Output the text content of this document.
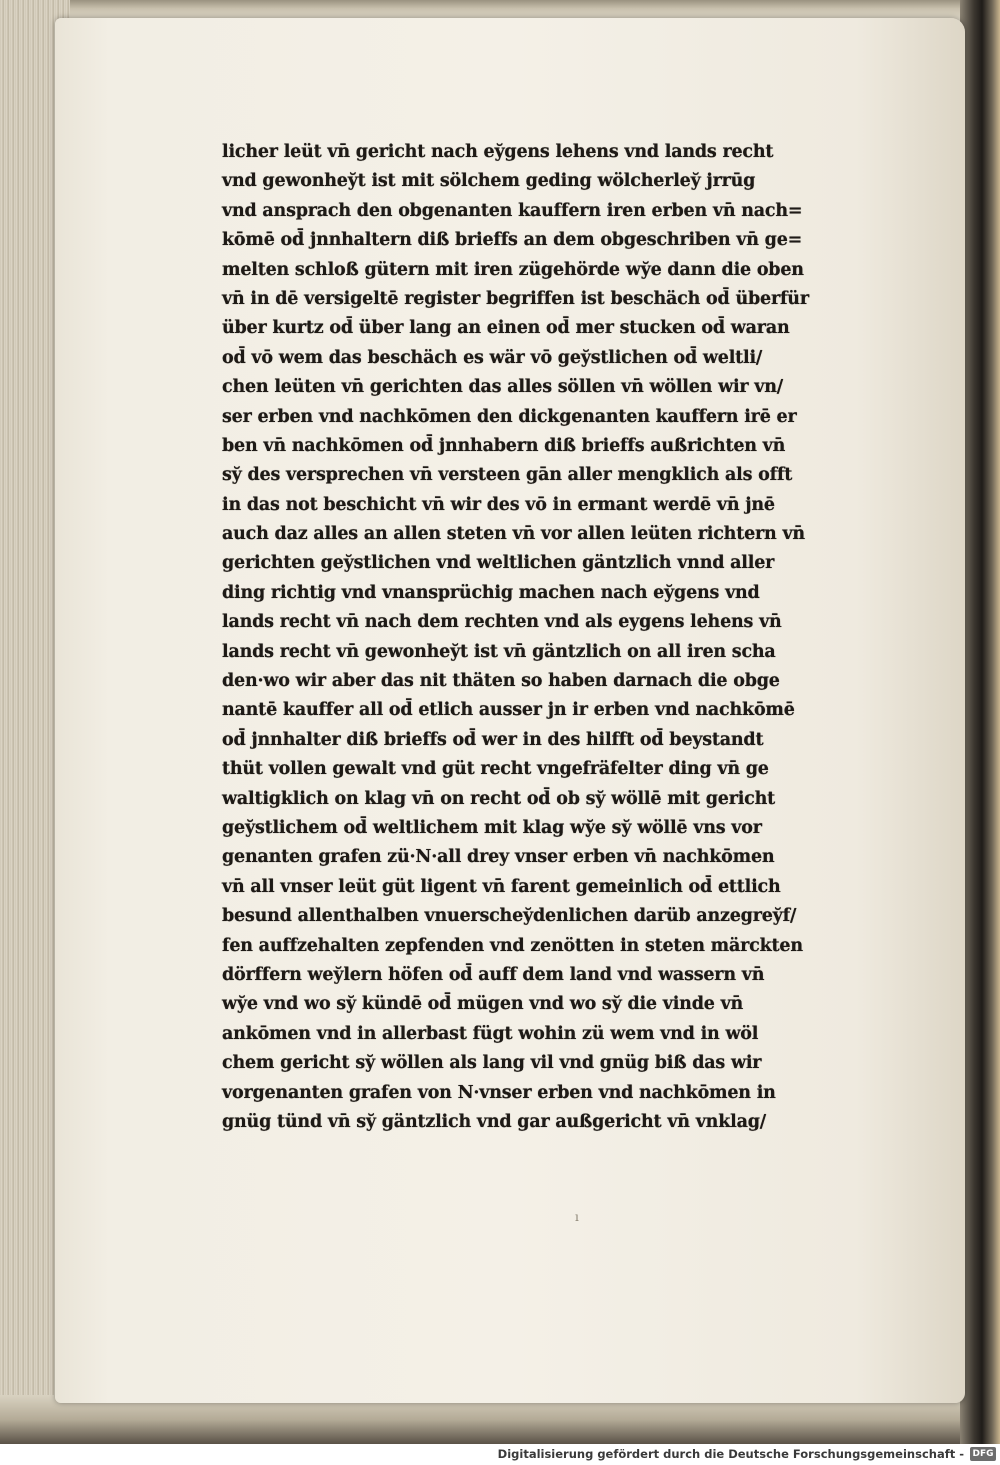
licher leüt vn̄ gericht nach ey̆gens lehens vnd lands recht
vnd gewonhey̆t ist mit sölchem geding wölcherley̆ jrrūg
vnd ansprach den obgenanten kauffern iren erben vn̄ nach=
kōmē od̄ jnnhaltern diß brieffs an dem obgeschriben vn̄ ge=
melten schloß gütern mit iren zügehörde wy̆e dann die oben
vn̄ in dē versigeltē register begriffen ist beschäch od̄ überfür
über kurtz od̄ über lang an einen od̄ mer stucken od̄ waran
od̄ vō wem das beschäch es wär vō gey̆stlichen od̄ weltli/
chen leüten vn̄ gerichten das alles söllen vn̄ wöllen wir vn/
ser erben vnd nachkōmen den dickgenanten kauffern irē er
ben vn̄ nachkōmen od̄ jnnhabern diß brieffs außrichten vn̄
sy̆ des versprechen vn̄ versteen gān aller mengklich als offt
in das not beschicht vn̄ wir des vō in ermant werdē vn̄ jnē
auch daz alles an allen steten vn̄ vor allen leüten richtern vn̄
gerichten gey̆stlichen vnd weltlichen gäntzlich vnnd aller
ding richtig vnd vnansprüchig machen nach ey̆gens vnd
lands recht vn̄ nach dem rechten vnd als eygens lehens vn̄
lands recht vn̄ gewonhey̆t ist vn̄ gäntzlich on all iren scha
den·wo wir aber das nit thäten so haben darnach die obge
nantē kauffer all od̄ etlich ausser jn ir erben vnd nachkōmē
od̄ jnnhalter diß brieffs od̄ wer in des hilfft od̄ beystandt
thüt vollen gewalt vnd güt recht vngefräfelter ding vn̄ ge
waltigklich on klag vn̄ on recht od̄ ob sy̆ wöllē mit gericht
gey̆stlichem od̄ weltlichem mit klag wy̆e sy̆ wöllē vns vor
genanten grafen zü·N·all drey vnser erben vn̄ nachkōmen
vn̄ all vnser leüt güt ligent vn̄ farent gemeinlich od̄ ettlich
besund allenthalben vnuerschey̆denlichen darüb anzegrey̆f/
fen auffzehalten zepfenden vnd zenötten in steten märckten
dörffern wey̆lern höfen od̄ auff dem land vnd wassern vn̄
wy̆e vnd wo sy̆ kündē od̄ mügen vnd wo sy̆ die vinde vn̄
ankōmen vnd in allerbast fügt wohin zü wem vnd in wöl
chem gericht sy̆ wöllen als lang vil vnd gnüg biß das wir
vorgenanten grafen von N·vnser erben vnd nachkōmen in
gnüg tünd vn̄ sy̆ gäntzlich vnd gar außgericht vn̄ vnklag/
ı
Digitalisierung gefördert durch die Deutsche Forschungsgemeinschaft - DFG
